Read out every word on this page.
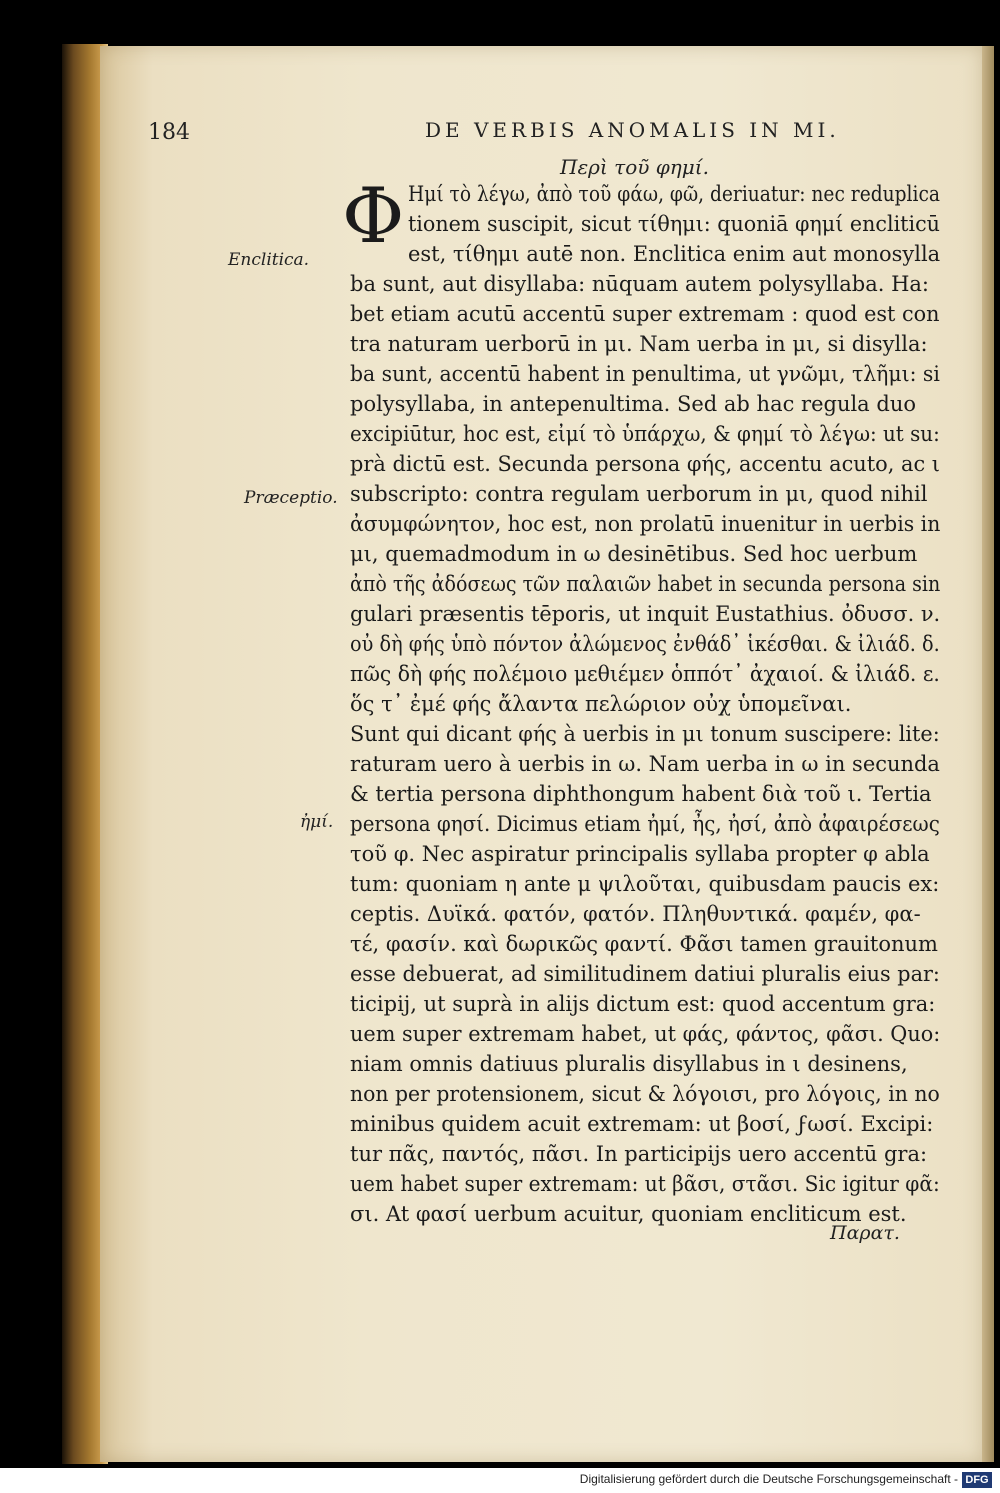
184	DE VERBIS ANOMALIS IN MI.
Περὶ τοῦ φημί.
Φ
Enclitica.
Præceptio.
ἠμί.
Ημί τὸ λέγω, ἀπὸ τοῦ φάω, φῶ, deriuatur: nec reduplica
tionem suscipit, sicut τίθημι: quoniā φημί encliticū
est, τίθημι autē non. Enclitica enim aut monosylla
ba sunt, aut disyllaba: nūquam autem polysyllaba. Ha:
bet etiam acutū accentū super extremam : quod est con
tra naturam uerborū in μι. Nam uerba in μι, si disylla:
ba sunt, accentū habent in penultima, ut γνῶμι, τλῆμι: si
polysyllaba, in antepenultima. Sed ab hac regula duo
excipiūtur, hoc est, εἰμί τὸ ὑπάρχω, & φημί τὸ λέγω: ut su:
prà dictū est. Secunda persona φής, accentu acuto, ac ι
subscripto: contra regulam uerborum in μι, quod nihil
ἀσυμφώνητον, hoc est, non prolatū inuenitur in uerbis in
μι, quemadmodum in ω desinētibus. Sed hoc uerbum
ἀπὸ τῆς ἀδόσεως τῶν παλαιῶν habet in secunda persona sin
gulari præsentis tēporis, ut inquit Eustathius. ὀδυσσ. ν.
οὐ δὴ φής ὑπὸ πόντον ἀλώμενος ἐνθάδ᾽ ἱκέσθαι. & ἰλιάδ. δ.
πῶς δὴ φής πολέμοιο μεθιέμεν ὁππότ᾽ ἀχαιοί. & ἰλιάδ. ε.
ὅς τ᾽ ἐμέ φής ἄλαντα πελώριον οὐχ ὑπομεῖναι.
Sunt qui dicant φής à uerbis in μι tonum suscipere: lite:
raturam uero à uerbis in ω. Nam uerba in ω in secunda
& tertia persona diphthongum habent διὰ τοῦ ι. Tertia
persona φησί. Dicimus etiam ἠμί, ἦς, ἠσί, ἀπὸ ἀφαιρέσεως
τοῦ φ. Nec aspiratur principalis syllaba propter φ abla
tum: quoniam η ante μ ψιλοῦται, quibusdam paucis ex:
ceptis. Δυϊκά. φατόν, φατόν. Πληθυντικά. φαμέν, φα-
τέ, φασίν. καὶ δωρικῶς φαντί. Φᾶσι tamen grauitonum
esse debuerat, ad similitudinem datiui pluralis eius par:
ticipij, ut suprà in alijs dictum est: quod accentum gra:
uem super extremam habet, ut φάς, φάντος, φᾶσι. Quo:
niam omnis datiuus pluralis disyllabus in ι desinens,
non per protensionem, sicut & λόγοισι, pro λόγοις, in no
minibus quidem acuit extremam: ut βοσί, ϝωσί. Excipi:
tur πᾶς, παντός, πᾶσι. In participijs uero accentū gra:
uem habet super extremam: ut βᾶσι, στᾶσι. Sic igitur φᾶ:
σι. At φασί uerbum acuitur, quoniam encliticum est.
Παρατ.
Digitalisierung gefördert durch die Deutsche Forschungsgemeinschaft - DFG
